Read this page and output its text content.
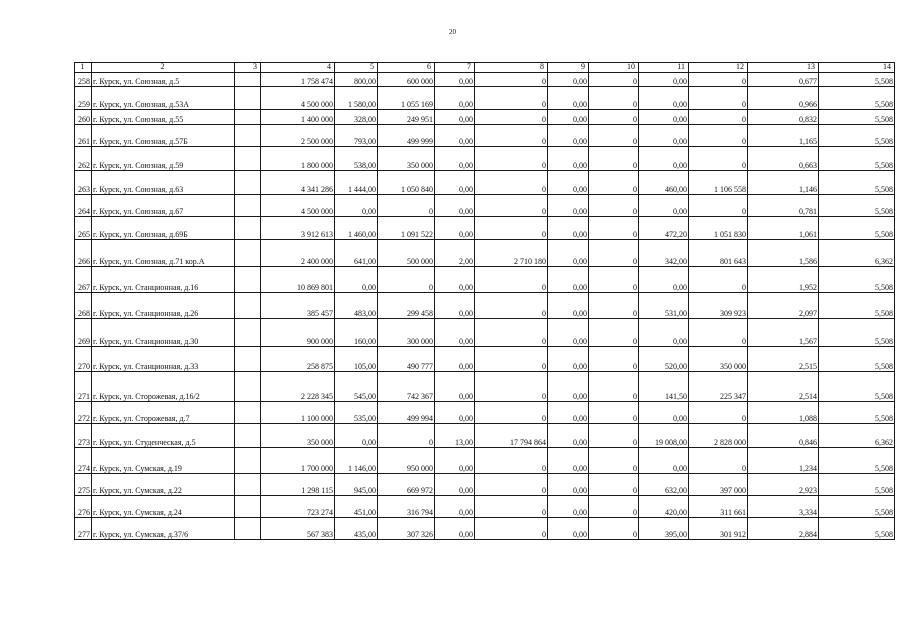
20
1	2	3	4	5	6	7	8	9	10	11	12	13	14
258	г. Курск, ул. Союзная, д.5		1 758 474	800,00	600 000	0,00	0	0,00	0	0,00	0	0,677	5,508
259	г. Курск, ул. Союзная, д.53А		4 500 000	1 580,00	1 055 169	0,00	0	0,00	0	0,00	0	0,966	5,508
260	г. Курск, ул. Союзная, д.55		1 400 000	328,00	249 951	0,00	0	0,00	0	0,00	0	0,832	5,508
261	г. Курск, ул. Союзная, д.57Б		2 500 000	793,00	499 999	0,00	0	0,00	0	0,00	0	1,165	5,508
262	г. Курск, ул. Союзная, д.59		1 800 000	538,00	350 000	0,00	0	0,00	0	0,00	0	0,663	5,508
263	г. Курск, ул. Союзная, д.63		4 341 286	1 444,00	1 050 840	0,00	0	0,00	0	460,00	1 106 558	1,146	5,508
264	г. Курск, ул. Союзная, д.67		4 500 000	0,00	0	0,00	0	0,00	0	0,00	0	0,781	5,508
265	г. Курск, ул. Союзная, д.69Б		3 912 613	1 460,00	1 091 522	0,00	0	0,00	0	472,20	1 051 830	1,061	5,508
266	г. Курск, ул. Союзная, д.71 кор.А		2 400 000	641,00	500 000	2,00	2 710 180	0,00	0	342,00	801 643	1,586	6,362
267	г. Курск, ул. Станционная, д.16		10 869 801	0,00	0	0,00	0	0,00	0	0,00	0	1,952	5,508
268	г. Курск, ул. Станционная, д.26		385 457	483,00	299 458	0,00	0	0,00	0	531,00	309 923	2,097	5,508
269	г. Курск, ул. Станционная, д.30		900 000	160,00	300 000	0,00	0	0,00	0	0,00	0	1,567	5,508
270	г. Курск, ул. Станционная, д.33		258 875	105,00	490 777	0,00	0	0,00	0	520,00	350 000	2,515	5,508
271	г. Курск, ул. Сторожевая, д.16/2		2 228 345	545,00	742 367	0,00	0	0,00	0	141,50	225 347	2,514	5,508
272	г. Курск, ул. Сторожевая, д.7		1 100 000	535,00	499 994	0,00	0	0,00	0	0,00	0	1,088	5,508
273	г. Курск, ул. Студенческая, д.5		350 000	0,00	0	13,00	17 794 864	0,00	0	19 008,00	2 828 000	0,846	6,362
274	г. Курск, ул. Сумская, д.19		1 700 000	1 146,00	950 000	0,00	0	0,00	0	0,00	0	1,234	5,508
275	г. Курск, ул. Сумская, д.22		1 298 115	945,00	669 972	0,00	0	0,00	0	632,00	397 000	2,923	5,508
276	г. Курск, ул. Сумская, д.24		723 274	451,00	316 794	0,00	0	0,00	0	420,00	311 661	3,334	5,508
277	г. Курск, ул. Сумская, д.37/6		567 383	435,00	307 326	0,00	0	0,00	0	395,00	301 912	2,884	5,508
